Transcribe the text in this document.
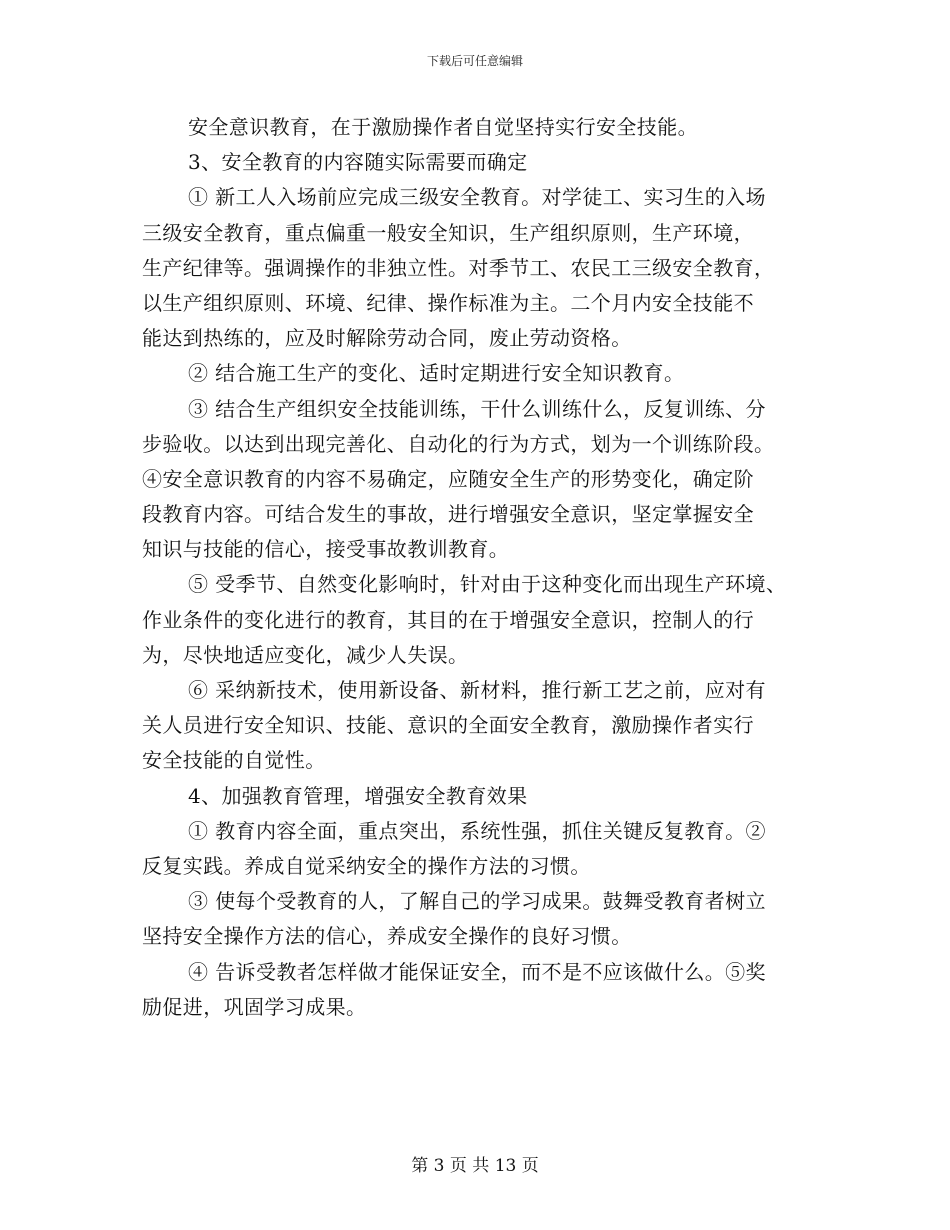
下载后可任意编辑
安全意识教育，在于激励操作者自觉坚持实行安全技能。
3、安全教育的内容随实际需要而确定
① 新工人入场前应完成三级安全教育。对学徒工、实习生的入场
三级安全教育，重点偏重一般安全知识，生产组织原则，生产环境，
生产纪律等。强调操作的非独立性。对季节工、农民工三级安全教育，
以生产组织原则、环境、纪律、操作标准为主。二个月内安全技能不
能达到热练的，应及时解除劳动合同，废止劳动资格。
② 结合施工生产的变化、适时定期进行安全知识教育。
③ 结合生产组织安全技能训练，干什么训练什么，反复训练、分
步验收。以达到出现完善化、自动化的行为方式，划为一个训练阶段。
④安全意识教育的内容不易确定，应随安全生产的形势变化，确定阶
段教育内容。可结合发生的事故，进行增强安全意识，坚定掌握安全
知识与技能的信心，接受事故教训教育。
⑤ 受季节、自然变化影响时，针对由于这种变化而出现生产环境、
作业条件的变化进行的教育，其目的在于增强安全意识，控制人的行
为，尽快地适应变化，减少人失误。
⑥ 采纳新技术，使用新设备、新材料，推行新工艺之前，应对有
关人员进行安全知识、技能、意识的全面安全教育，激励操作者实行
安全技能的自觉性。
4、加强教育管理，增强安全教育效果
① 教育内容全面，重点突出，系统性强，抓住关键反复教育。②
反复实践。养成自觉采纳安全的操作方法的习惯。
③ 使每个受教育的人，了解自己的学习成果。鼓舞受教育者树立
坚持安全操作方法的信心，养成安全操作的良好习惯。
④ 告诉受教者怎样做才能保证安全，而不是不应该做什么。⑤奖
励促进，巩固学习成果。
第 3 页 共 13 页
